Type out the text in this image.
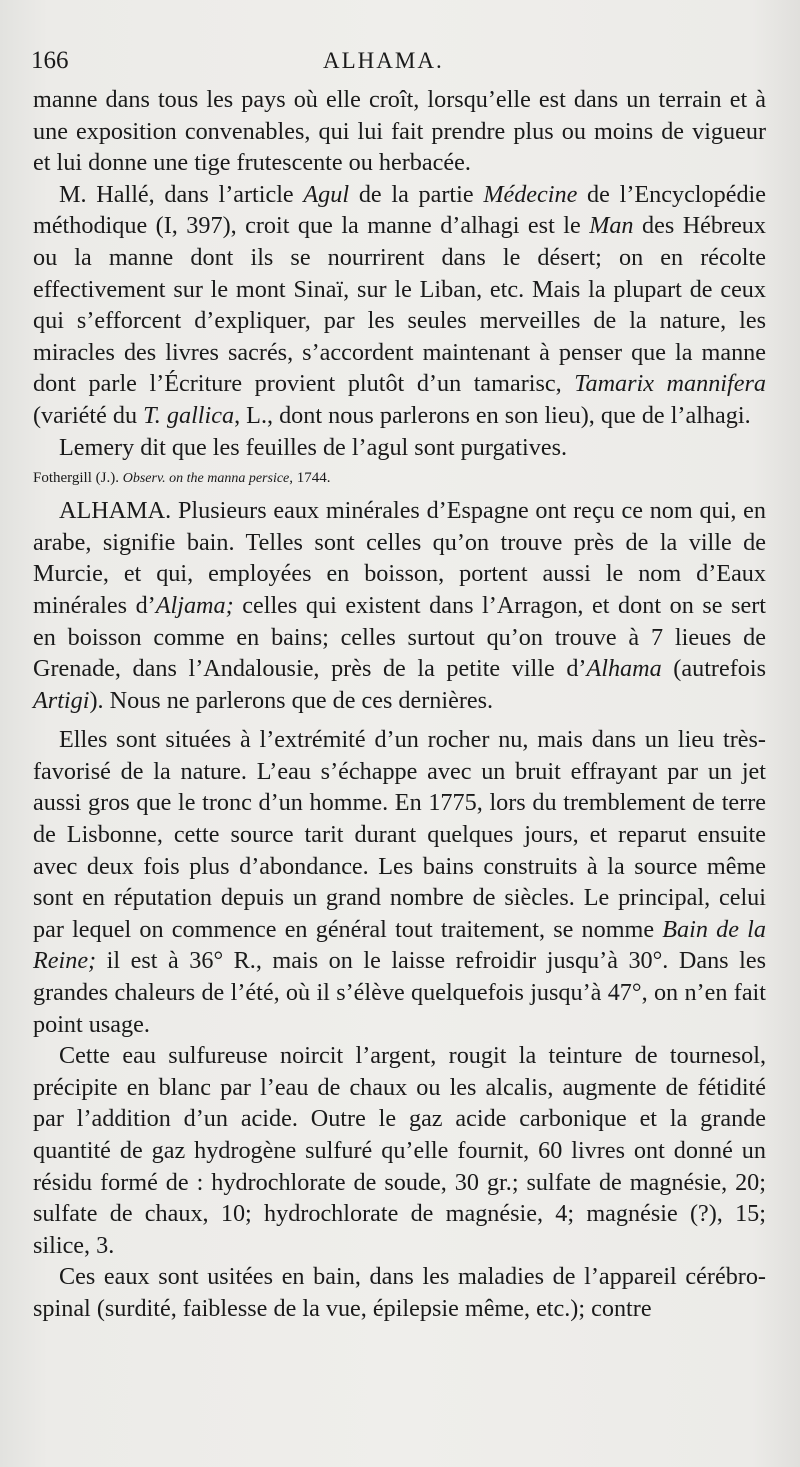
166	ALHAMA.

manne dans tous les pays où elle croît, lorsqu’elle est dans un terrain et à une exposition convenables, qui lui fait prendre plus ou moins de vigueur et lui donne une tige frutescente ou herbacée.

M. Hallé, dans l’article Agul de la partie Médecine de l’Encyclopédie méthodique (I, 397), croit que la manne d’alhagi est le Man des Hébreux ou la manne dont ils se nourrirent dans le désert; on en récolte effectivement sur le mont Sinaï, sur le Liban, etc. Mais la plupart de ceux qui s’efforcent d’expliquer, par les seules merveilles de la nature, les miracles des livres sacrés, s’accordent maintenant à penser que la manne dont parle l’Écriture provient plutôt d’un tamarisc, Tamarix mannifera (variété du T. gallica, L., dont nous parlerons en son lieu), que de l’alhagi.

Lemery dit que les feuilles de l’agul sont purgatives.

Fothergill (J.). Observ. on the manna persice, 1744.

ALHAMA. Plusieurs eaux minérales d’Espagne ont reçu ce nom qui, en arabe, signifie bain. Telles sont celles qu’on trouve près de la ville de Murcie, et qui, employées en boisson, portent aussi le nom d’Eaux minérales d’Aljama; celles qui existent dans l’Arragon, et dont on se sert en boisson comme en bains; celles surtout qu’on trouve à 7 lieues de Grenade, dans l’Andalousie, près de la petite ville d’Alhama (autrefois Artigi). Nous ne parlerons que de ces dernières.

Elles sont situées à l’extrémité d’un rocher nu, mais dans un lieu très-favorisé de la nature. L’eau s’échappe avec un bruit effrayant par un jet aussi gros que le tronc d’un homme. En 1775, lors du tremblement de terre de Lisbonne, cette source tarit durant quelques jours, et reparut ensuite avec deux fois plus d’abondance. Les bains construits à la source même sont en réputation depuis un grand nombre de siècles. Le principal, celui par lequel on commence en général tout traitement, se nomme Bain de la Reine; il est à 36° R., mais on le laisse refroidir jusqu’à 30°. Dans les grandes chaleurs de l’été, où il s’élève quelquefois jusqu’à 47°, on n’en fait point usage.

Cette eau sulfureuse noircit l’argent, rougit la teinture de tournesol, précipite en blanc par l’eau de chaux ou les alcalis, augmente de fétidité par l’addition d’un acide. Outre le gaz acide carbonique et la grande quantité de gaz hydrogène sulfuré qu’elle fournit, 60 livres ont donné un résidu formé de : hydrochlorate de soude, 30 gr.; sulfate de magnésie, 20; sulfate de chaux, 10; hydrochlorate de magnésie, 4; magnésie (?), 15; silice, 3.

Ces eaux sont usitées en bain, dans les maladies de l’appareil cérébro-spinal (surdité, faiblesse de la vue, épilepsie même, etc.); contre
